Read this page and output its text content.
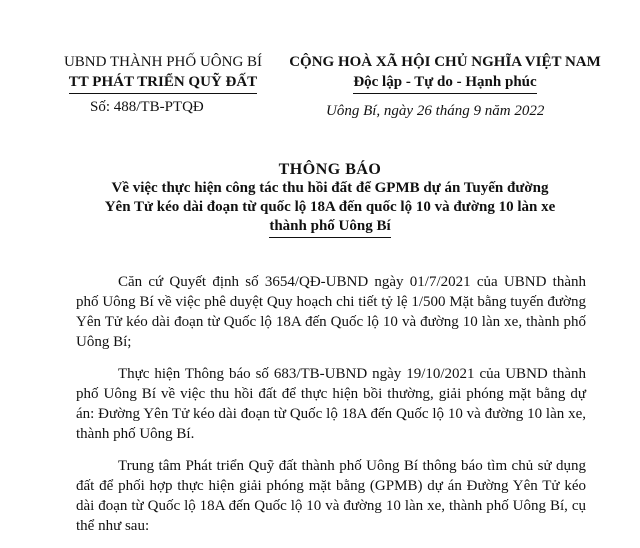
UBND THÀNH PHỐ UÔNG BÍ
TT PHÁT TRIỂN QUỸ ĐẤT
Số: 488/TB-PTQĐ
CỘNG HOÀ XÃ HỘI CHỦ NGHĨA VIỆT NAM
Độc lập - Tự do - Hạnh phúc
Uông Bí, ngày 26 tháng 9 năm 2022
THÔNG BÁO
Về việc thực hiện công tác thu hồi đất để GPMB dự án Tuyến đường
Yên Tử kéo dài đoạn từ quốc lộ 18A đến quốc lộ 10 và đường 10 làn xe
thành phố Uông Bí

Căn cứ Quyết định số 3654/QĐ-UBND ngày 01/7/2021 của UBND thành phố Uông Bí về việc phê duyệt Quy hoạch chi tiết tỷ lệ 1/500 Mặt bằng tuyến đường Yên Tử kéo dài đoạn từ Quốc lộ 18A đến Quốc lộ 10 và đường 10 làn xe, thành phố Uông Bí;

Thực hiện Thông báo số 683/TB-UBND ngày 19/10/2021 của UBND thành phố Uông Bí về việc thu hồi đất để thực hiện bồi thường, giải phóng mặt bằng dự án: Đường Yên Tử kéo dài đoạn từ Quốc lộ 18A đến Quốc lộ 10 và đường 10 làn xe, thành phố Uông Bí.

Trung tâm Phát triển Quỹ đất thành phố Uông Bí thông báo tìm chủ sử dụng đất để phối hợp thực hiện giải phóng mặt bằng (GPMB) dự án Đường Yên Tử kéo dài đoạn từ Quốc lộ 18A đến Quốc lộ 10 và đường 10 làn xe, thành phố Uông Bí, cụ thể như sau:
